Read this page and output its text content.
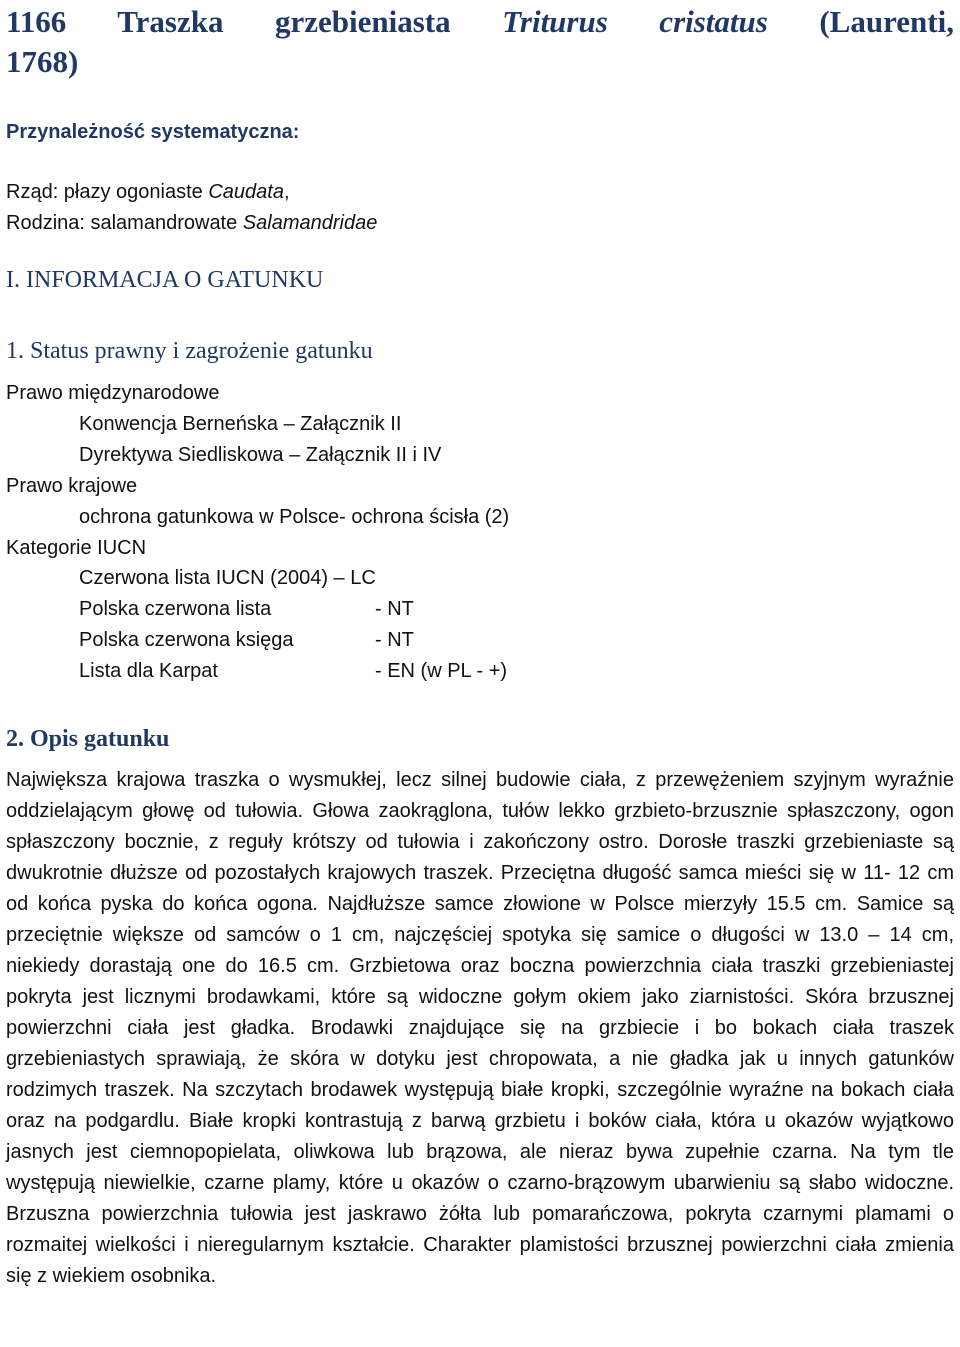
1166 Traszka grzebieniasta Triturus cristatus (Laurenti,
1768)
Przynależność systematyczna:
Rząd: płazy ogoniaste Caudata,
Rodzina: salamandrowate Salamandridae
I. INFORMACJA O GATUNKU
1. Status prawny i zagrożenie gatunku
Prawo międzynarodowe
Konwencja Berneńska – Załącznik II
Dyrektywa Siedliskowa – Załącznik II i IV
Prawo krajowe
ochrona gatunkowa w Polsce- ochrona ścisła (2)
Kategorie IUCN
Czerwona lista IUCN (2004) – LC
Polska czerwona lista	- NT
Polska czerwona księga	- NT
Lista dla Karpat	- EN (w PL - +)
2. Opis gatunku
Największa krajowa traszka o wysmukłej, lecz silnej budowie ciała, z przewężeniem szyjnym wyraźnie oddzielającym głowę od tułowia. Głowa zaokrąglona, tułów lekko grzbieto-brzusznie spłaszczony, ogon spłaszczony bocznie, z reguły krótszy od tułowia i zakończony ostro. Dorosłe traszki grzebieniaste są dwukrotnie dłuższe od pozostałych krajowych traszek. Przeciętna długość samca mieści się w 11- 12 cm od końca pyska do końca ogona. Najdłuższe samce złowione w Polsce mierzyły 15.5 cm. Samice są przeciętnie większe od samców o 1 cm, najczęściej spotyka się samice o długości w 13.0 – 14 cm, niekiedy dorastają one do 16.5 cm. Grzbietowa oraz boczna powierzchnia ciała traszki grzebieniastej pokryta jest licznymi brodawkami, które są widoczne gołym okiem jako ziarnistości. Skóra brzusznej powierzchni ciała jest gładka. Brodawki znajdujące się na grzbiecie i bo bokach ciała traszek grzebieniastych sprawiają, że skóra w dotyku jest chropowata, a nie gładka jak u innych gatunków rodzimych traszek. Na szczytach brodawek występują białe kropki, szczególnie wyraźne na bokach ciała oraz na podgardlu. Białe kropki kontrastują z barwą grzbietu i boków ciała, która u okazów wyjątkowo jasnych jest ciemnopopielata, oliwkowa lub brązowa, ale nieraz bywa zupełnie czarna. Na tym tle występują niewielkie, czarne plamy, które u okazów o czarno-brązowym ubarwieniu są słabo widoczne. Brzuszna powierzchnia tułowia jest jaskrawo żółta lub pomarańczowa, pokryta czarnymi plamami o rozmaitej wielkości i nieregularnym kształcie. Charakter plamistości brzusznej powierzchni ciała zmienia się z wiekiem osobnika.
